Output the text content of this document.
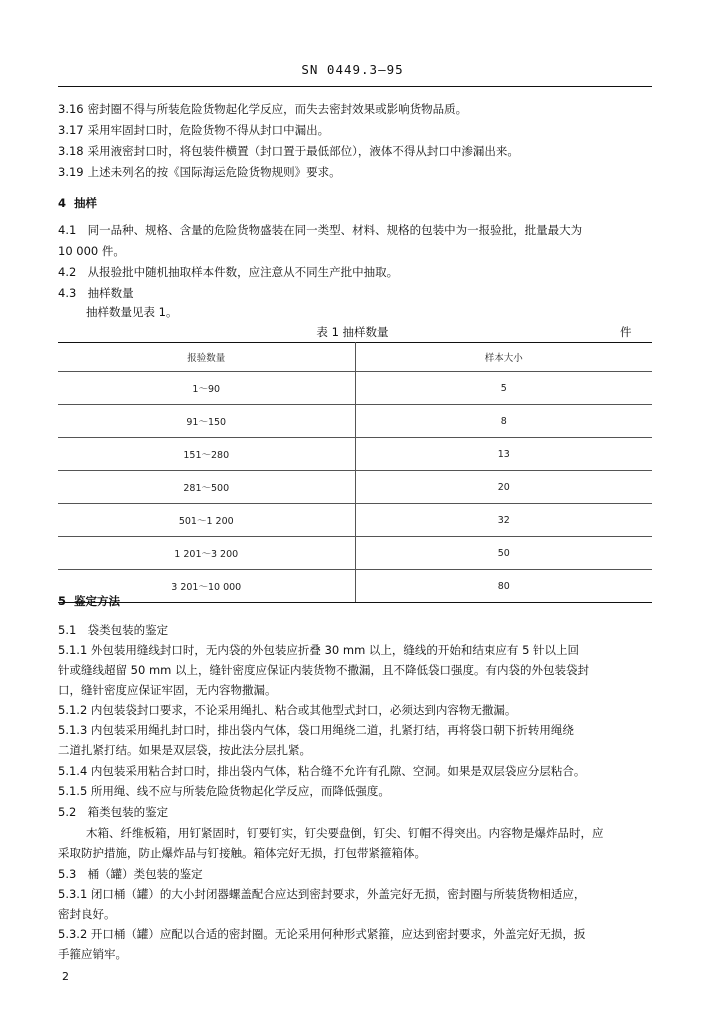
SN 0449.3—95
3.16 密封圈不得与所装危险货物起化学反应，而失去密封效果或影响货物品质。
3.17 采用牢固封口时，危险货物不得从封口中漏出。
3.18 采用液密封口时，将包装件横置（封口置于最低部位），液体不得从封口中渗漏出来。
3.19 上述未列名的按《国际海运危险货物规则》要求。
4 抽样
4.1 同一品种、规格、含量的危险货物盛装在同一类型、材料、规格的包装中为一报验批，批量最大为
10 000 件。
4.2 从报验批中随机抽取样本件数，应注意从不同生产批中抽取。
4.3 抽样数量
抽样数量见表 1。
表 1 抽样数量	件
报验数量	样本大小
1～90	5
91～150	8
151～280	13
281～500	20
501～1 200	32
1 201～3 200	50
3 201～10 000	80
5 鉴定方法
5.1 袋类包装的鉴定
5.1.1 外包装用缝线封口时，无内袋的外包装应折叠 30 mm 以上，缝线的开始和结束应有 5 针以上回
针或缝线超留 50 mm 以上，缝针密度应保证内装货物不撒漏，且不降低袋口强度。有内袋的外包装袋封
口，缝针密度应保证牢固，无内容物撒漏。
5.1.2 内包装袋封口要求，不论采用绳扎、粘合或其他型式封口，必须达到内容物无撒漏。
5.1.3 内包装采用绳扎封口时，排出袋内气体，袋口用绳绕二道，扎紧打结，再将袋口朝下折转用绳绕
二道扎紧打结。如果是双层袋，按此法分层扎紧。
5.1.4 内包装采用粘合封口时，排出袋内气体，粘合缝不允许有孔隙、空洞。如果是双层袋应分层粘合。
5.1.5 所用绳、线不应与所装危险货物起化学反应，而降低强度。
5.2 箱类包装的鉴定
木箱、纤维板箱，用钉紧固时，钉要钉实，钉尖要盘倒，钉尖、钉帽不得突出。内容物是爆炸品时，应
采取防护措施，防止爆炸品与钉接触。箱体完好无损，打包带紧箍箱体。
5.3 桶（罐）类包装的鉴定
5.3.1 闭口桶（罐）的大小封闭器螺盖配合应达到密封要求，外盖完好无损，密封圈与所装货物相适应，
密封良好。
5.3.2 开口桶（罐）应配以合适的密封圈。无论采用何种形式紧箍，应达到密封要求，外盖完好无损，扳
手箍应销牢。
2
